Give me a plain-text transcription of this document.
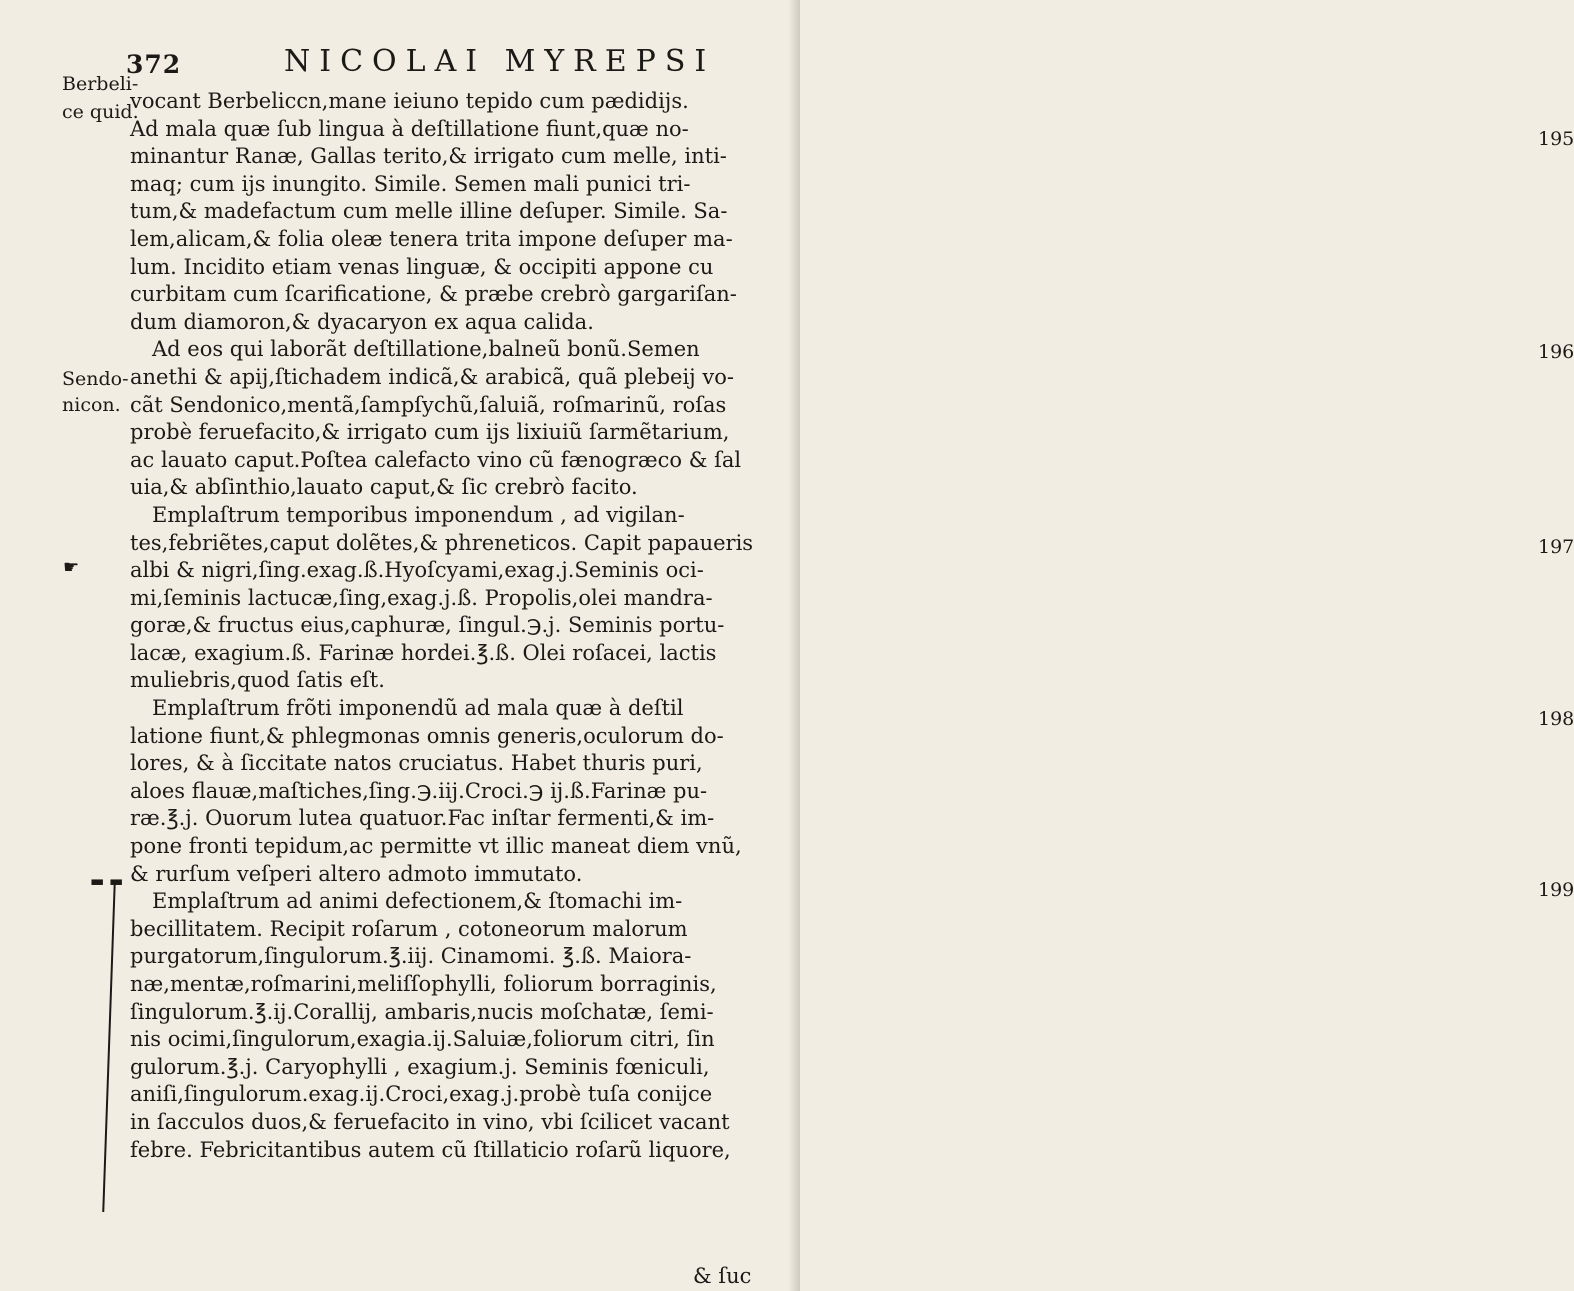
372	NICOLAI MYREPSI
Berbeli-
ce quid.
Sendo-
nicon.
☛
▬ ▬
195
196
197
198
199
vocant Berbeliccn,mane ieiuno tepido cum pædidijs.
Ad mala quæ ſub lingua à deſtillatione fiunt,quæ no-
minantur Ranæ, Gallas terito,& irrigato cum melle, inti-
maq; cum ijs inungito. Simile. Semen mali punici tri-
tum,& madefactum cum melle illine deſuper. Simile. Sa-
lem,alicam,& folia oleæ tenera trita impone deſuper ma-
lum. Incidito etiam venas linguæ, & occipiti appone cu
curbitam cum ſcarificatione, & præbe crebrò gargariſan-
dum diamoron,& dyacaryon ex aqua calida.
Ad eos qui laborãt deſtillatione,balneũ bonũ.Semen
anethi & apij,ſtichadem indicã,& arabicã, quã plebeij vo-
cãt Sendonico,mentã,ſampſychũ,ſaluiã, roſmarinũ, roſas
probè feruefacito,& irrigato cum ijs lixiuiũ ſarmẽtarium,
ac lauato caput.Poſtea calefacto vino cũ fænogræco & ſal
uia,& abſinthio,lauato caput,& ſic crebrò facito.
Emplaſtrum temporibus imponendum , ad vigilan-
tes,febriẽtes,caput dolẽtes,& phreneticos. Capit papaueris
albi & nigri,ſing.exag.ß.Hyoſcyami,exag.j.Seminis oci-
mi,ſeminis lactucæ,ſing,exag.j.ß. Propolis,olei mandra-
goræ,& fructus eius,caphuræ, ſingul.℈.j. Seminis portu-
lacæ, exagium.ß. Farinæ hordei.℥.ß. Olei roſacei, lactis
muliebris,quod ſatis eſt.
Emplaſtrum frõti imponendũ ad mala quæ à deſtil
latione fiunt,& phlegmonas omnis generis,oculorum do-
lores, & à ſiccitate natos cruciatus. Habet thuris puri,
aloes flauæ,maſtiches,ſing.℈.iij.Croci.℈ ij.ß.Farinæ pu-
ræ.℥.j. Ouorum lutea quatuor.Fac inſtar fermenti,& im-
pone fronti tepidum,ac permitte vt illic maneat diem vnũ,
& rurſum veſperi altero admoto immutato.
Emplaſtrum ad animi defectionem,& ſtomachi im-
becillitatem. Recipit roſarum , cotoneorum malorum
purgatorum,ſingulorum.℥.iij. Cinamomi. ℥.ß. Maiora-
næ,mentæ,roſmarini,meliſſophylli, foliorum borraginis,
ſingulorum.℥.ij.Corallij, ambaris,nucis moſchatæ, ſemi-
nis ocimi,ſingulorum,exagia.ij.Saluiæ,foliorum citri, ſin
gulorum.℥.j. Caryophylli , exagium.j. Seminis fœniculi,
aniſi,ſingulorum.exag.ij.Croci,exag.j.probè tuſa conijce
in ſacculos duos,& feruefacito in vino, vbi ſcilicet vacant
febre. Febricitantibus autem cũ ſtillaticio roſarũ liquore,
& ſuc
